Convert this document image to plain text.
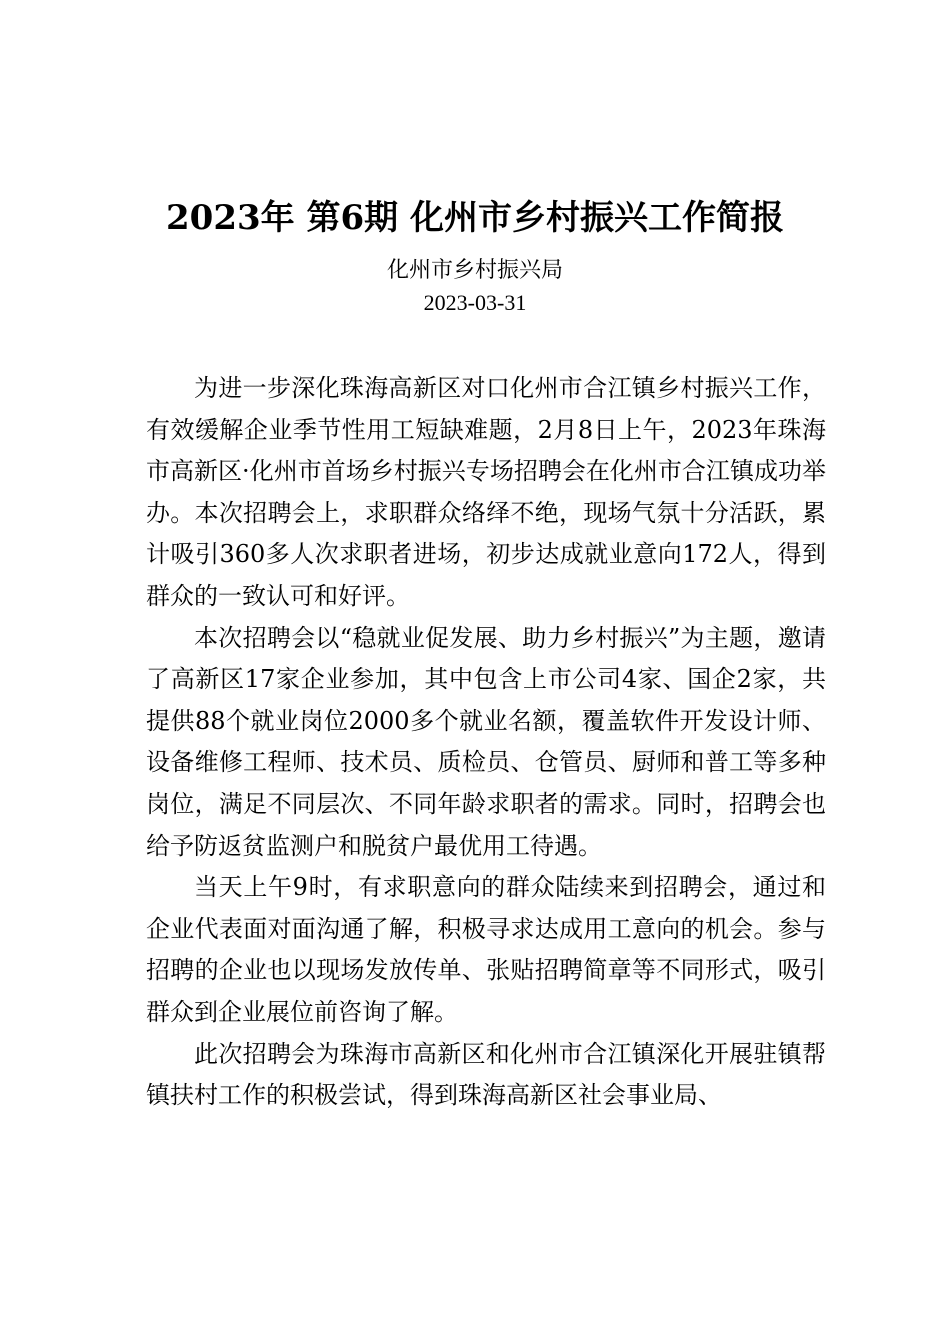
2023年 第6期 化州市乡村振兴工作简报
化州市乡村振兴局
2023-03-31

为进一步深化珠海高新区对口化州市合江镇乡村振兴工作，有效缓解企业季节性用工短缺难题，2月8日上午，2023年珠海市高新区·化州市首场乡村振兴专场招聘会在化州市合江镇成功举办。本次招聘会上，求职群众络绎不绝，现场气氛十分活跃，累计吸引360多人次求职者进场，初步达成就业意向172人，得到群众的一致认可和好评。

本次招聘会以“稳就业促发展、助力乡村振兴”为主题，邀请了高新区17家企业参加，其中包含上市公司4家、国企2家，共提供88个就业岗位2000多个就业名额，覆盖软件开发设计师、设备维修工程师、技术员、质检员、仓管员、厨师和普工等多种岗位，满足不同层次、不同年龄求职者的需求。同时，招聘会也给予防返贫监测户和脱贫户最优用工待遇。

当天上午9时，有求职意向的群众陆续来到招聘会，通过和企业代表面对面沟通了解，积极寻求达成用工意向的机会。参与招聘的企业也以现场发放传单、张贴招聘简章等不同形式，吸引群众到企业展位前咨询了解。

此次招聘会为珠海市高新区和化州市合江镇深化开展驻镇帮镇扶村工作的积极尝试，得到珠海高新区社会事业局、
